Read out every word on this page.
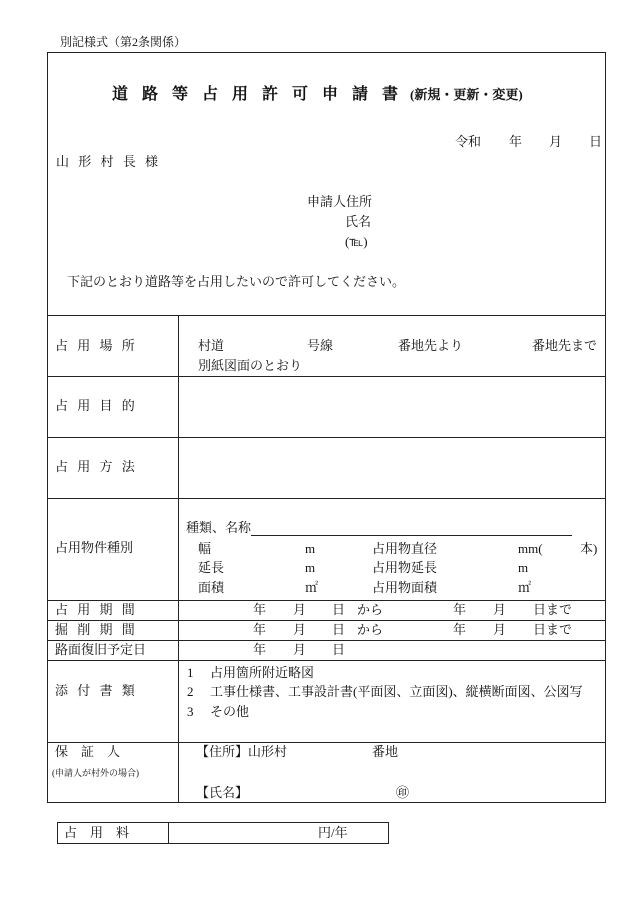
別記様式（第2条関係）
道 路 等 占 用 許 可 申 請 書 (新規・更新・変更)
令和 年 月 日
山 形 村 長 様
申請人住所
氏名
(℡)
下記のとおり道路等を占用したいので許可してください。
占 用 場 所	村道	号線	番地先より	番地先まで
別紙図面のとおり
占 用 目 的
占 用 方 法
占用物件種別
種類、名称
幅	m	占用物直径	mm(	本)
延長	m	占用物延長	m
面積	㎡	占用物面積	㎡
占 用 期 間	年 月 日 から	年 月 日まで
掘 削 期 間	年 月 日 から	年 月 日まで
路面復旧予定日	年 月 日
添 付 書 類
1 占用箇所附近略図
2 工事仕様書、工事設計書(平面図、立面図)、縦横断面図、公図写
3 その他
保　証　人
(申請人が村外の場合)
【住所】山形村	番地
【氏名】	㊞
占　用　料	円/年
